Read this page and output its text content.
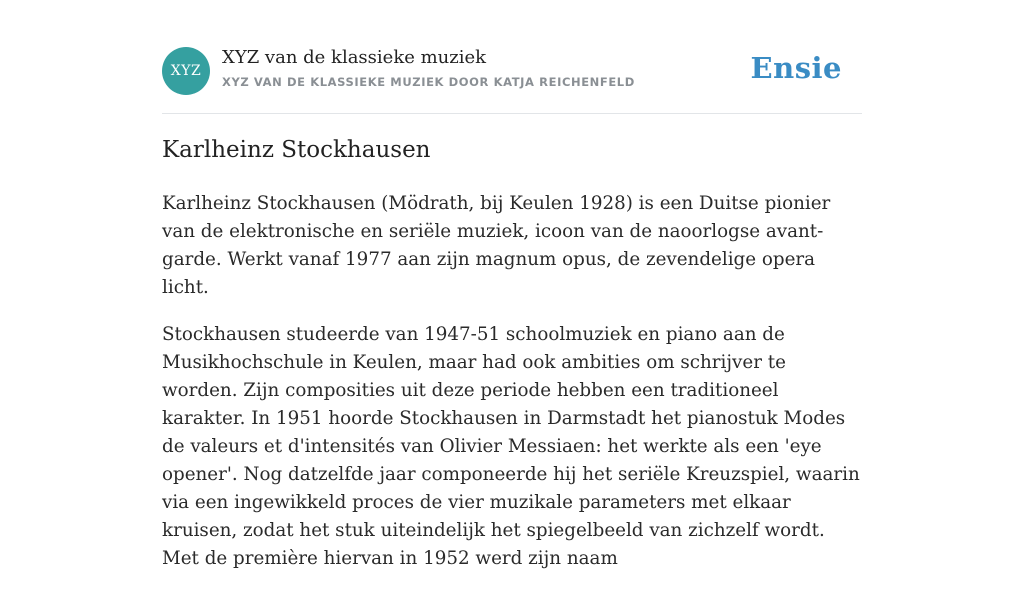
XYZ
XYZ van de klassieke muziek
XYZ VAN DE KLASSIEKE MUZIEK DOOR KATJA REICHENFELD	Ensie
Karlheinz Stockhausen

Karlheinz Stockhausen (Mödrath, bij Keulen 1928) is een Duitse pionier van de elektronische en seriële muziek, icoon van de naoorlogse avant-garde. Werkt vanaf 1977 aan zijn magnum opus, de zevendelige opera licht.

Stockhausen studeerde van 1947-51 schoolmuziek en piano aan de Musikhochschule in Keulen, maar had ook ambities om schrijver te worden. Zijn composities uit deze periode hebben een traditioneel karakter. In 1951 hoorde Stockhausen in Darmstadt het pianostuk Modes de valeurs et d'intensités van Olivier Messiaen: het werkte als een 'eye opener'. Nog datzelfde jaar componeerde hij het seriële Kreuzspiel, waarin via een ingewikkeld proces de vier muzikale parameters met elkaar kruisen, zodat het stuk uiteindelijk het spiegelbeeld van zichzelf wordt. Met de première hiervan in 1952 werd zijn naam
